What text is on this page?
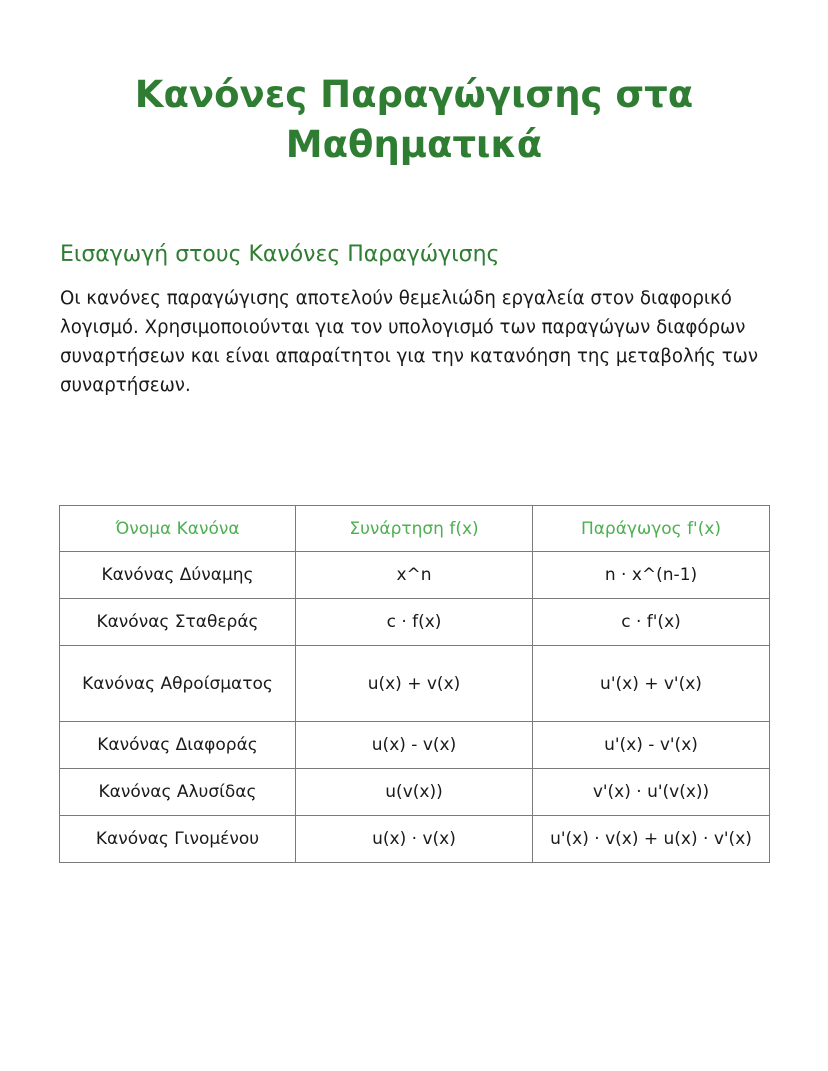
Κανόνες Παραγώγισης στα Μαθηματικά
Εισαγωγή στους Κανόνες Παραγώγισης

Οι κανόνες παραγώγισης αποτελούν θεμελιώδη εργαλεία στον διαφορικό λογισμό. Χρησιμοποιούνται για τον υπολογισμό των παραγώγων διαφόρων συναρτήσεων και είναι απαραίτητοι για την κατανόηση της μεταβολής των συναρτήσεων.

Όνομα Κανόνα	Συνάρτηση f(x)	Παράγωγος f'(x)
Κανόνας Δύναμης	x^n	n · x^(n-1)
Κανόνας Σταθεράς	c · f(x)	c · f'(x)
Κανόνας Αθροίσματος	u(x) + v(x)	u'(x) + v'(x)
Κανόνας Διαφοράς	u(x) - v(x)	u'(x) - v'(x)
Κανόνας Αλυσίδας	u(v(x))	v'(x) · u'(v(x))
Κανόνας Γινομένου	u(x) · v(x)	u'(x) · v(x) + u(x) · v'(x)
